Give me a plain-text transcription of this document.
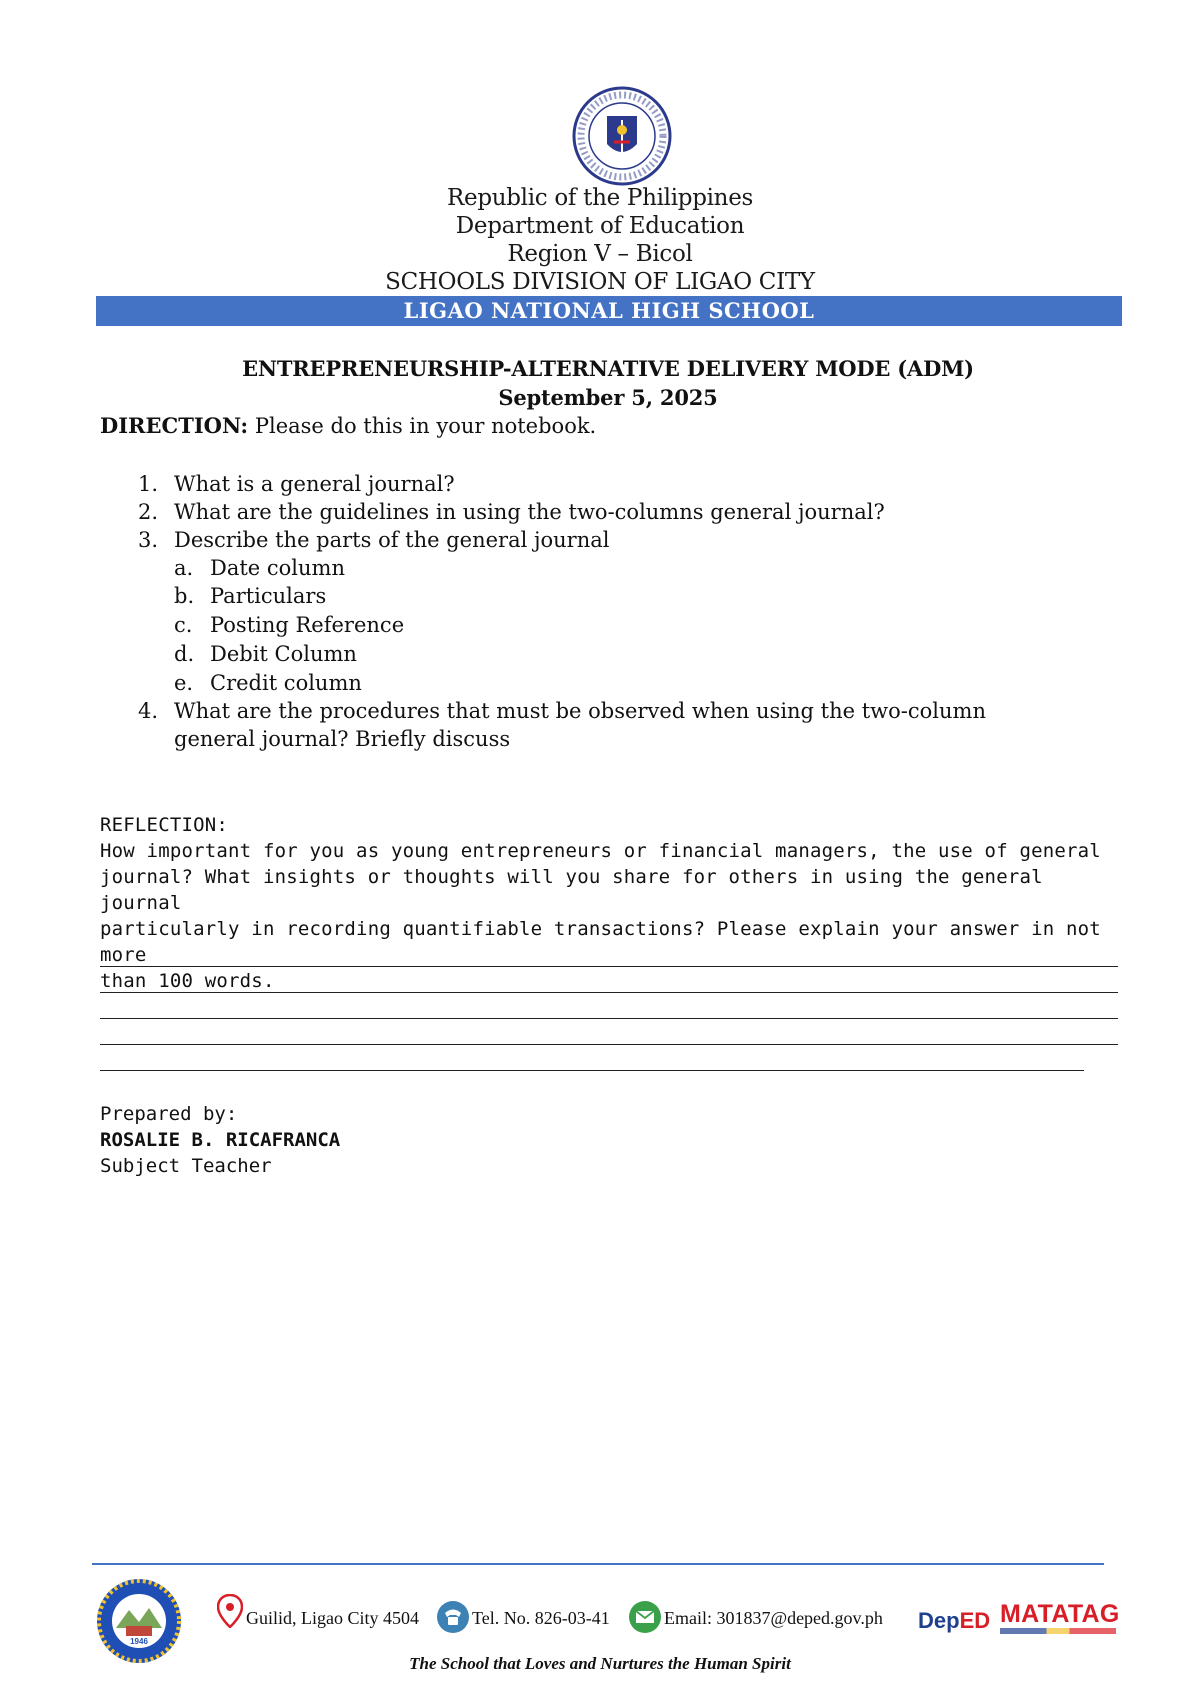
Republic of the Philippines
Department of Education
Region V – Bicol
SCHOOLS DIVISION OF LIGAO CITY
LIGAO NATIONAL HIGH SCHOOL
ENTREPRENEURSHIP-ALTERNATIVE DELIVERY MODE (ADM)
September 5, 2025
DIRECTION: Please do this in your notebook.
1. What is a general journal?
2. What are the guidelines in using the two-columns general journal?
3. Describe the parts of the general journal
a. Date column
b. Particulars
c. Posting Reference
d. Debit Column
e. Credit column
4. What are the procedures that must be observed when using the two-column
general journal? Briefly discuss
REFLECTION:
How important for you as young entrepreneurs or financial managers, the use of general
journal? What insights or thoughts will you share for others in using the general journal
particularly in recording quantifiable transactions? Please explain your answer in not more
than 100 words.
Prepared by:
ROSALIE B. RICAFRANCA
Subject Teacher
1946
Guilid, Ligao City 4504	Tel. No. 826-03-41	Email: 301837@deped.gov.ph DepED MATATAG
The School that Loves and Nurtures the Human Spirit
